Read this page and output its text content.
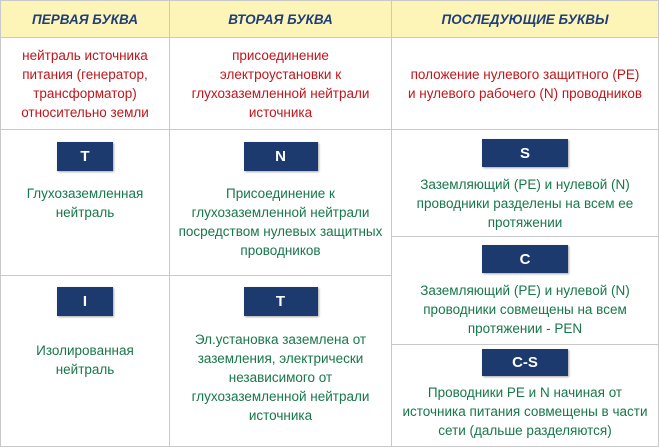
ПЕРВАЯ БУКВА	ВТОРАЯ БУКВА	ПОСЛЕДУЮЩИЕ БУКВЫ
нейтраль источника питания (генератор, трансформатор) относительно земли
присоединение электроустановки к глухозаземленной нейтрали источника
положение нулевого защитного (PE) и нулевого рабочего (N) проводников
T
Глухозаземленная нейтраль
I
Изолированная нейтраль
N
Присоединение к глухозаземленной нейтрали посредством нулевых защитных проводников
T
Эл.установка заземлена от заземления, электрически независимого от глухозаземленной нейтрали источника
S
Заземляющий (PE) и нулевой (N) проводники разделены на всем ее протяжении
C
Заземляющий (PE) и нулевой (N) проводники совмещены на всем протяжении - PEN
C-S
Проводники PE и N начиная от источника питания совмещены в части сети (дальше разделяются)
